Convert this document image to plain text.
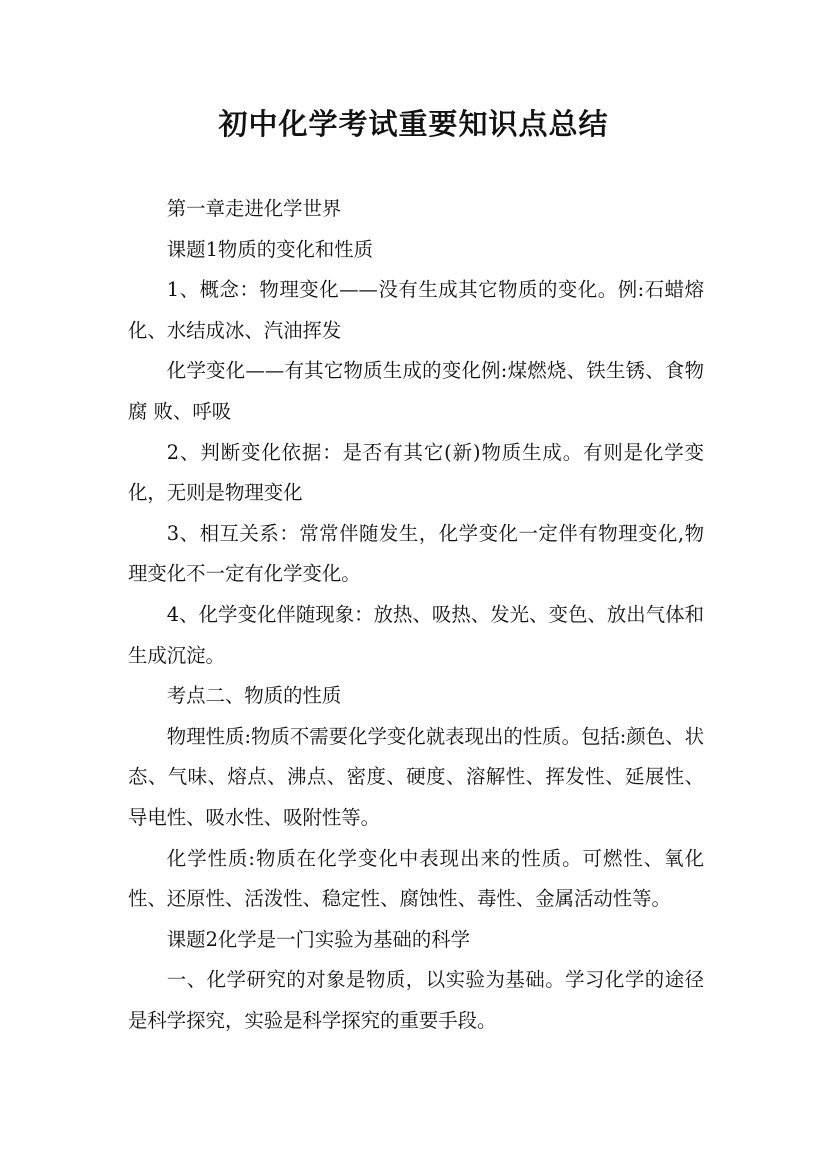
初中化学考试重要知识点总结

第一章走进化学世界

课题1物质的变化和性质

1、概念：物理变化——没有生成其它物质的变化。例:石蜡熔化、水结成冰、汽油挥发

化学变化——有其它物质生成的变化例:煤燃烧、铁生锈、食物腐 败、呼吸

2、判断变化依据：是否有其它(新)物质生成。有则是化学变化，无则是物理变化

3、相互关系：常常伴随发生，化学变化一定伴有物理变化,物理变化不一定有化学变化。

4、化学变化伴随现象：放热、吸热、发光、变色、放出气体和生成沉淀。

考点二、物质的性质

物理性质:物质不需要化学变化就表现出的性质。包括:颜色、状态、气味、熔点、沸点、密度、硬度、溶解性、挥发性、延展性、导电性、吸水性、吸附性等。

化学性质:物质在化学变化中表现出来的性质。可燃性、氧化性、还原性、活泼性、稳定性、腐蚀性、毒性、金属活动性等。

课题2化学是一门实验为基础的科学

一、化学研究的对象是物质，以实验为基础。学习化学的途径是科学探究，实验是科学探究的重要手段。
